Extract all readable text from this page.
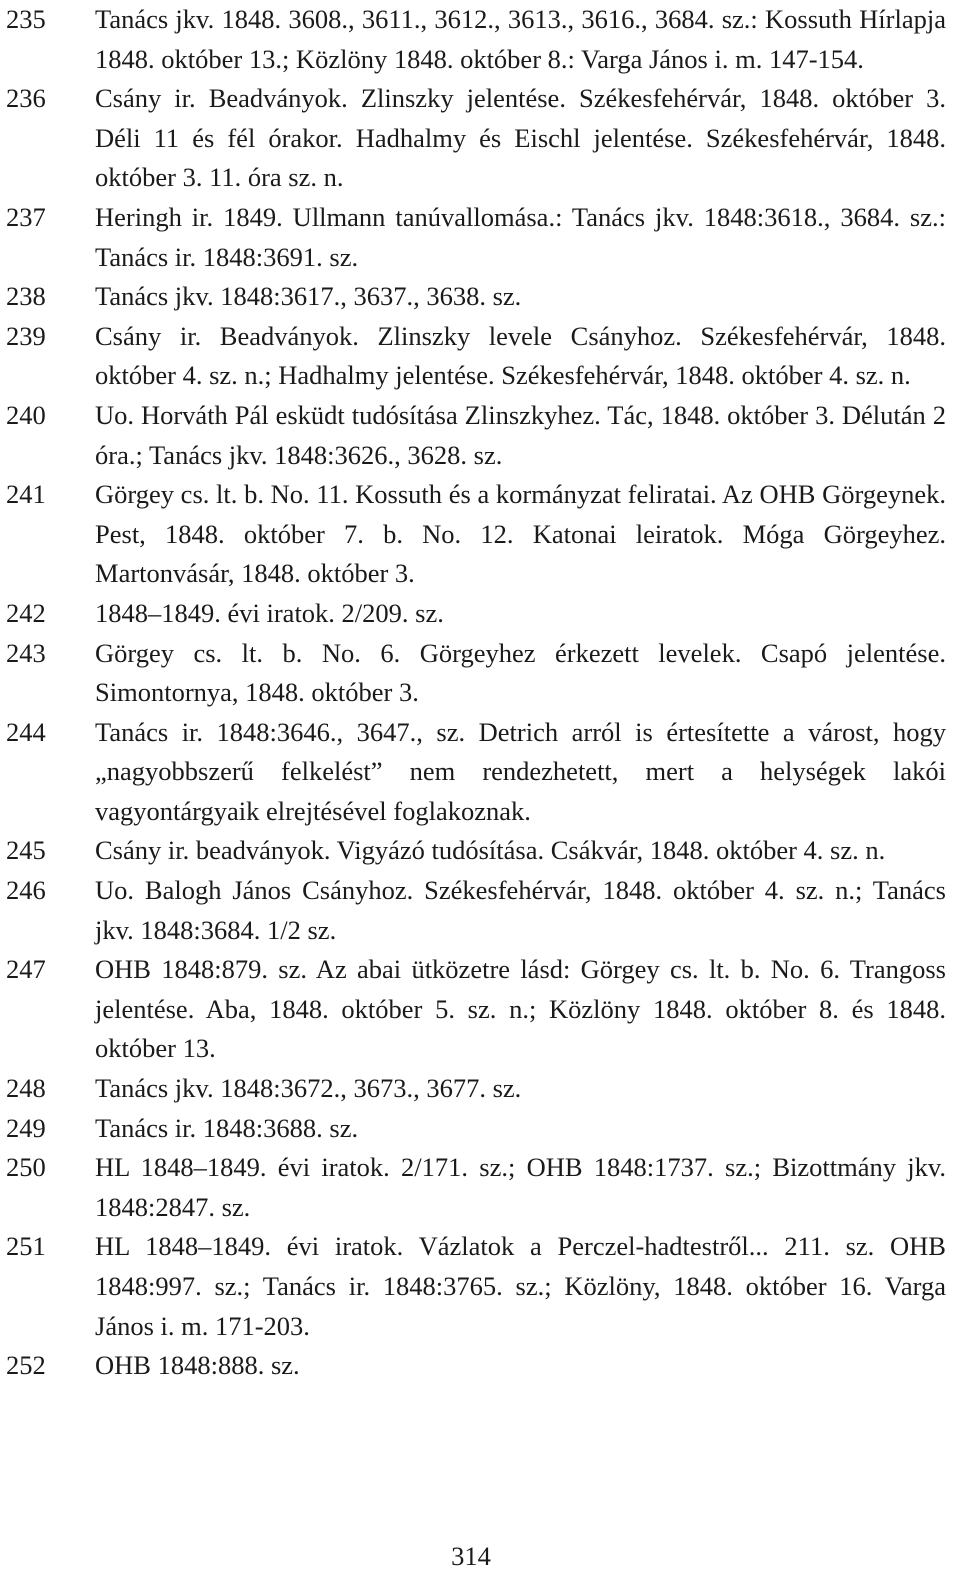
235	Tanács jkv. 1848. 3608., 3611., 3612., 3613., 3616., 3684. sz.: Kossuth Hírlapja 1848. október 13.; Közlöny 1848. október 8.: Varga János i. m. 147-154.
236	Csány ir. Beadványok. Zlinszky jelentése. Székesfehérvár, 1848. október 3. Déli 11 és fél órakor. Hadhalmy és Eischl jelentése. Székesfehérvár, 1848. október 3. 11. óra sz. n.
237	Heringh ir. 1849. Ullmann tanúvallomása.: Tanács jkv. 1848:3618., 3684. sz.: Tanács ir. 1848:3691. sz.
238	Tanács jkv. 1848:3617., 3637., 3638. sz.
239	Csány ir. Beadványok. Zlinszky levele Csányhoz. Székesfehérvár, 1848. október 4. sz. n.; Hadhalmy jelentése. Székesfehérvár, 1848. október 4. sz. n.
240	Uo. Horváth Pál esküdt tudósítása Zlinszkyhez. Tác, 1848. október 3. Délután 2 óra.; Tanács jkv. 1848:3626., 3628. sz.
241	Görgey cs. lt. b. No. 11. Kossuth és a kormányzat feliratai. Az OHB Görgeynek. Pest, 1848. október 7. b. No. 12. Katonai leiratok. Móga Görgeyhez. Martonvásár, 1848. október 3.
242	1848–1849. évi iratok. 2/209. sz.
243	Görgey cs. lt. b. No. 6. Görgeyhez érkezett levelek. Csapó jelentése. Simontornya, 1848. október 3.
244	Tanács ir. 1848:3646., 3647., sz. Detrich arról is értesítette a várost, hogy „nagyobbszerű felkelést” nem rendezhetett, mert a helységek lakói vagyontárgyaik elrejtésével foglakoznak.
245	Csány ir. beadványok. Vigyázó tudósítása. Csákvár, 1848. október 4. sz. n.
246	Uo. Balogh János Csányhoz. Székesfehérvár, 1848. október 4. sz. n.; Tanács jkv. 1848:3684. 1/2 sz.
247	OHB 1848:879. sz. Az abai ütközetre lásd: Görgey cs. lt. b. No. 6. Trangoss jelentése. Aba, 1848. október 5. sz. n.; Közlöny 1848. október 8. és 1848. október 13.
248	Tanács jkv. 1848:3672., 3673., 3677. sz.
249	Tanács ir. 1848:3688. sz.
250	HL 1848–1849. évi iratok. 2/171. sz.; OHB 1848:1737. sz.; Bizottmány jkv. 1848:2847. sz.
251	HL 1848–1849. évi iratok. Vázlatok a Perczel-hadtestről... 211. sz. OHB 1848:997. sz.; Tanács ir. 1848:3765. sz.; Közlöny, 1848. október 16. Varga János i. m. 171-203.
252	OHB 1848:888. sz.
314
